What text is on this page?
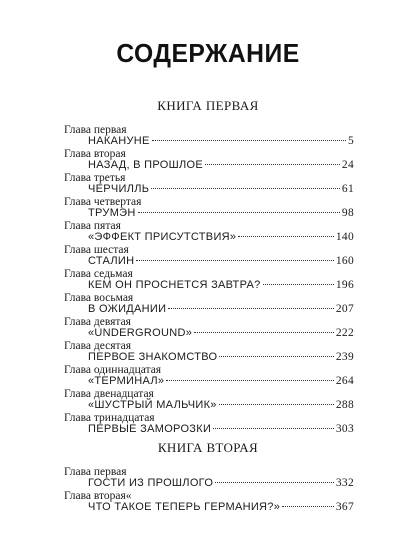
СОДЕРЖАНИЕ
КНИГА ПЕРВАЯ
Глава первая
НАКАНУНЕ	5
Глава вторая
НАЗАД, В ПРОШЛОЕ	24
Глава третья
ЧЕРЧИЛЛЬ	61
Глава четвертая
ТРУМЭН	98
Глава пятая
«ЭФФЕКТ ПРИСУТСТВИЯ»	140
Глава шестая
СТАЛИН	160
Глава седьмая
КЕМ ОН ПРОСНЕТСЯ ЗАВТРА?	196
Глава восьмая
В ОЖИДАНИИ	207
Глава девятая
«UNDERGROUND»	222
Глава десятая
ПЕРВОЕ ЗНАКОМСТВО	239
Глава одиннадцатая
«ТЕРМИНАЛ»	264
Глава двенадцатая
«ШУСТРЫЙ МАЛЬЧИК»	288
Глава тринадцатая
ПЕРВЫЕ ЗАМОРОЗКИ	303
КНИГА ВТОРАЯ
Глава первая
ГОСТИ ИЗ ПРОШЛОГО	332
Глава вторая«
ЧТО ТАКОЕ ТЕПЕРЬ ГЕРМАНИЯ?»	367
